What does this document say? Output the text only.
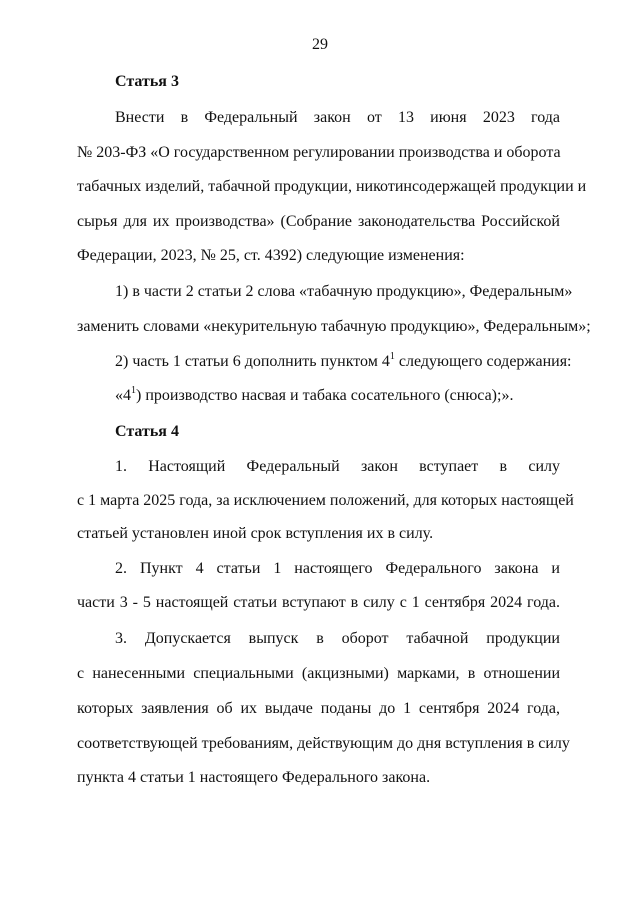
29
Статья 3
Внести в Федеральный закон от 13 июня 2023 года
№ 203-ФЗ «О государственном регулировании производства и оборота
табачных изделий, табачной продукции, никотинсодержащей продукции и
сырья для их производства» (Собрание законодательства Российской
Федерации, 2023, № 25, ст. 4392) следующие изменения:
1) в части 2 статьи 2 слова «табачную продукцию», Федеральным»
заменить словами «некурительную табачную продукцию», Федеральным»;
2) часть 1 статьи 6 дополнить пунктом $4^1$ следующего содержания:
«$4^1$) производство насвая и табака сосательного (снюса);».
Статья 4
1. Настоящий Федеральный закон вступает в силу
с 1 марта 2025 года, за исключением положений, для которых настоящей
статьей установлен иной срок вступления их в силу.
2. Пункт 4 статьи 1 настоящего Федерального закона и
части 3 - 5 настоящей статьи вступают в силу с 1 сентября 2024 года.
3. Допускается выпуск в оборот табачной продукции
с нанесенными специальными (акцизными) марками, в отношении
которых заявления об их выдаче поданы до 1 сентября 2024 года,
соответствующей требованиям, действующим до дня вступления в силу
пункта 4 статьи 1 настоящего Федерального закона.
